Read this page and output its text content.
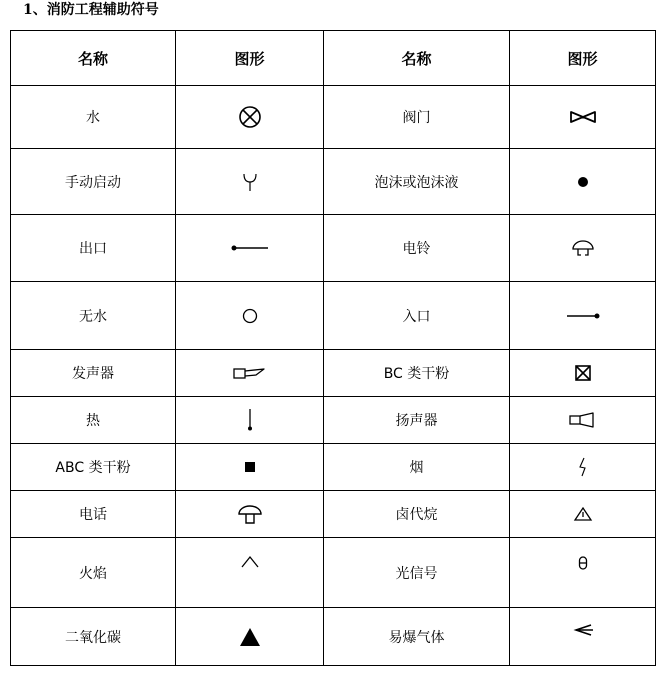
1、消防工程辅助符号
名称	图形	名称	图形
水		阀门	

手动启动		泡沫或泡沫液	

出口		电铃	

无水		入口	

发声器		BC 类干粉	

热		扬声器	

ABC 类干粉		烟	

电话		卤代烷	

火焰		光信号	

二氧化碳		易爆气体	
